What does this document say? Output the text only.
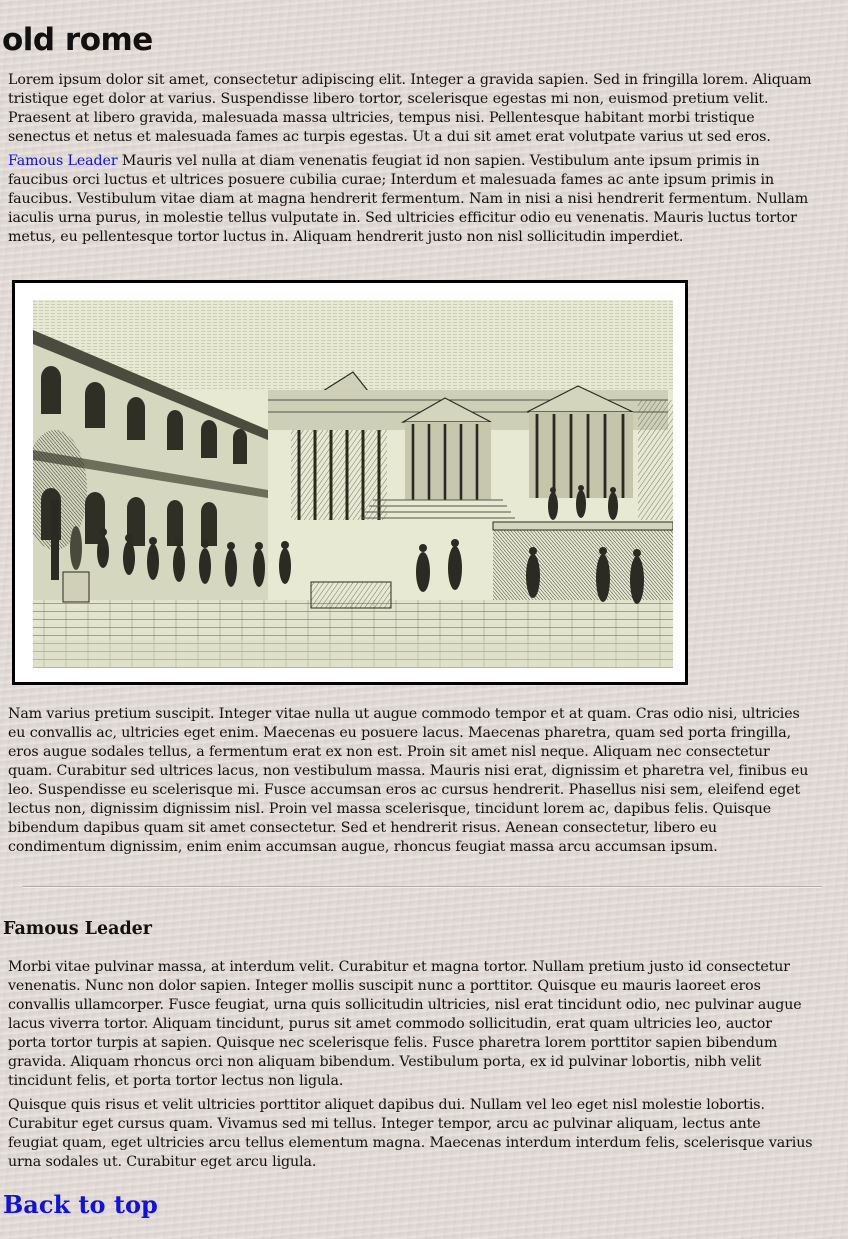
old rome

Lorem ipsum dolor sit amet, consectetur adipiscing elit. Integer a gravida sapien. Sed in fringilla lorem. Aliquam tristique eget dolor at varius. Suspendisse libero tortor, scelerisque egestas mi non, euismod pretium velit. Praesent at libero gravida, malesuada massa ultricies, tempus nisi. Pellentesque habitant morbi tristique senectus et netus et malesuada fames ac turpis egestas. Ut a dui sit amet erat volutpate varius ut sed eros.

Famous Leader Mauris vel nulla at diam venenatis feugiat id non sapien. Vestibulum ante ipsum primis in faucibus orci luctus et ultrices posuere cubilia curae; Interdum et malesuada fames ac ante ipsum primis in faucibus. Vestibulum vitae diam at magna hendrerit fermentum. Nam in nisi a nisi hendrerit fermentum. Nullam iaculis urna purus, in molestie tellus vulputate in. Sed ultricies efficitur odio eu venenatis. Mauris luctus tortor metus, eu pellentesque tortor luctus in. Aliquam hendrerit justo non nisl sollicitudin imperdiet.

Nam varius pretium suscipit. Integer vitae nulla ut augue commodo tempor et at quam. Cras odio nisi, ultricies eu convallis ac, ultricies eget enim. Maecenas eu posuere lacus. Maecenas pharetra, quam sed porta fringilla, eros augue sodales tellus, a fermentum erat ex non est. Proin sit amet nisl neque. Aliquam nec consectetur quam. Curabitur sed ultrices lacus, non vestibulum massa. Mauris nisi erat, dignissim et pharetra vel, finibus eu leo. Suspendisse eu scelerisque mi. Fusce accumsan eros ac cursus hendrerit. Phasellus nisi sem, eleifend eget lectus non, dignissim dignissim nisl. Proin vel massa scelerisque, tincidunt lorem ac, dapibus felis. Quisque bibendum dapibus quam sit amet consectetur. Sed et hendrerit risus. Aenean consectetur, libero eu condimentum dignissim, enim enim accumsan augue, rhoncus feugiat massa arcu accumsan ipsum.

Famous Leader

Morbi vitae pulvinar massa, at interdum velit. Curabitur et magna tortor. Nullam pretium justo id consectetur venenatis. Nunc non dolor sapien. Integer mollis suscipit nunc a porttitor. Quisque eu mauris laoreet eros convallis ullamcorper. Fusce feugiat, urna quis sollicitudin ultricies, nisl erat tincidunt odio, nec pulvinar augue lacus viverra tortor. Aliquam tincidunt, purus sit amet commodo sollicitudin, erat quam ultricies leo, auctor porta tortor turpis at sapien. Quisque nec scelerisque felis. Fusce pharetra lorem porttitor sapien bibendum gravida. Aliquam rhoncus orci non aliquam bibendum. Vestibulum porta, ex id pulvinar lobortis, nibh velit tincidunt felis, et porta tortor lectus non ligula.

Quisque quis risus et velit ultricies porttitor aliquet dapibus dui. Nullam vel leo eget nisl molestie lobortis. Curabitur eget cursus quam. Vivamus sed mi tellus. Integer tempor, arcu ac pulvinar aliquam, lectus ante feugiat quam, eget ultricies arcu tellus elementum magna. Maecenas interdum interdum felis, scelerisque varius urna sodales ut. Curabitur eget arcu ligula.

Back to top
